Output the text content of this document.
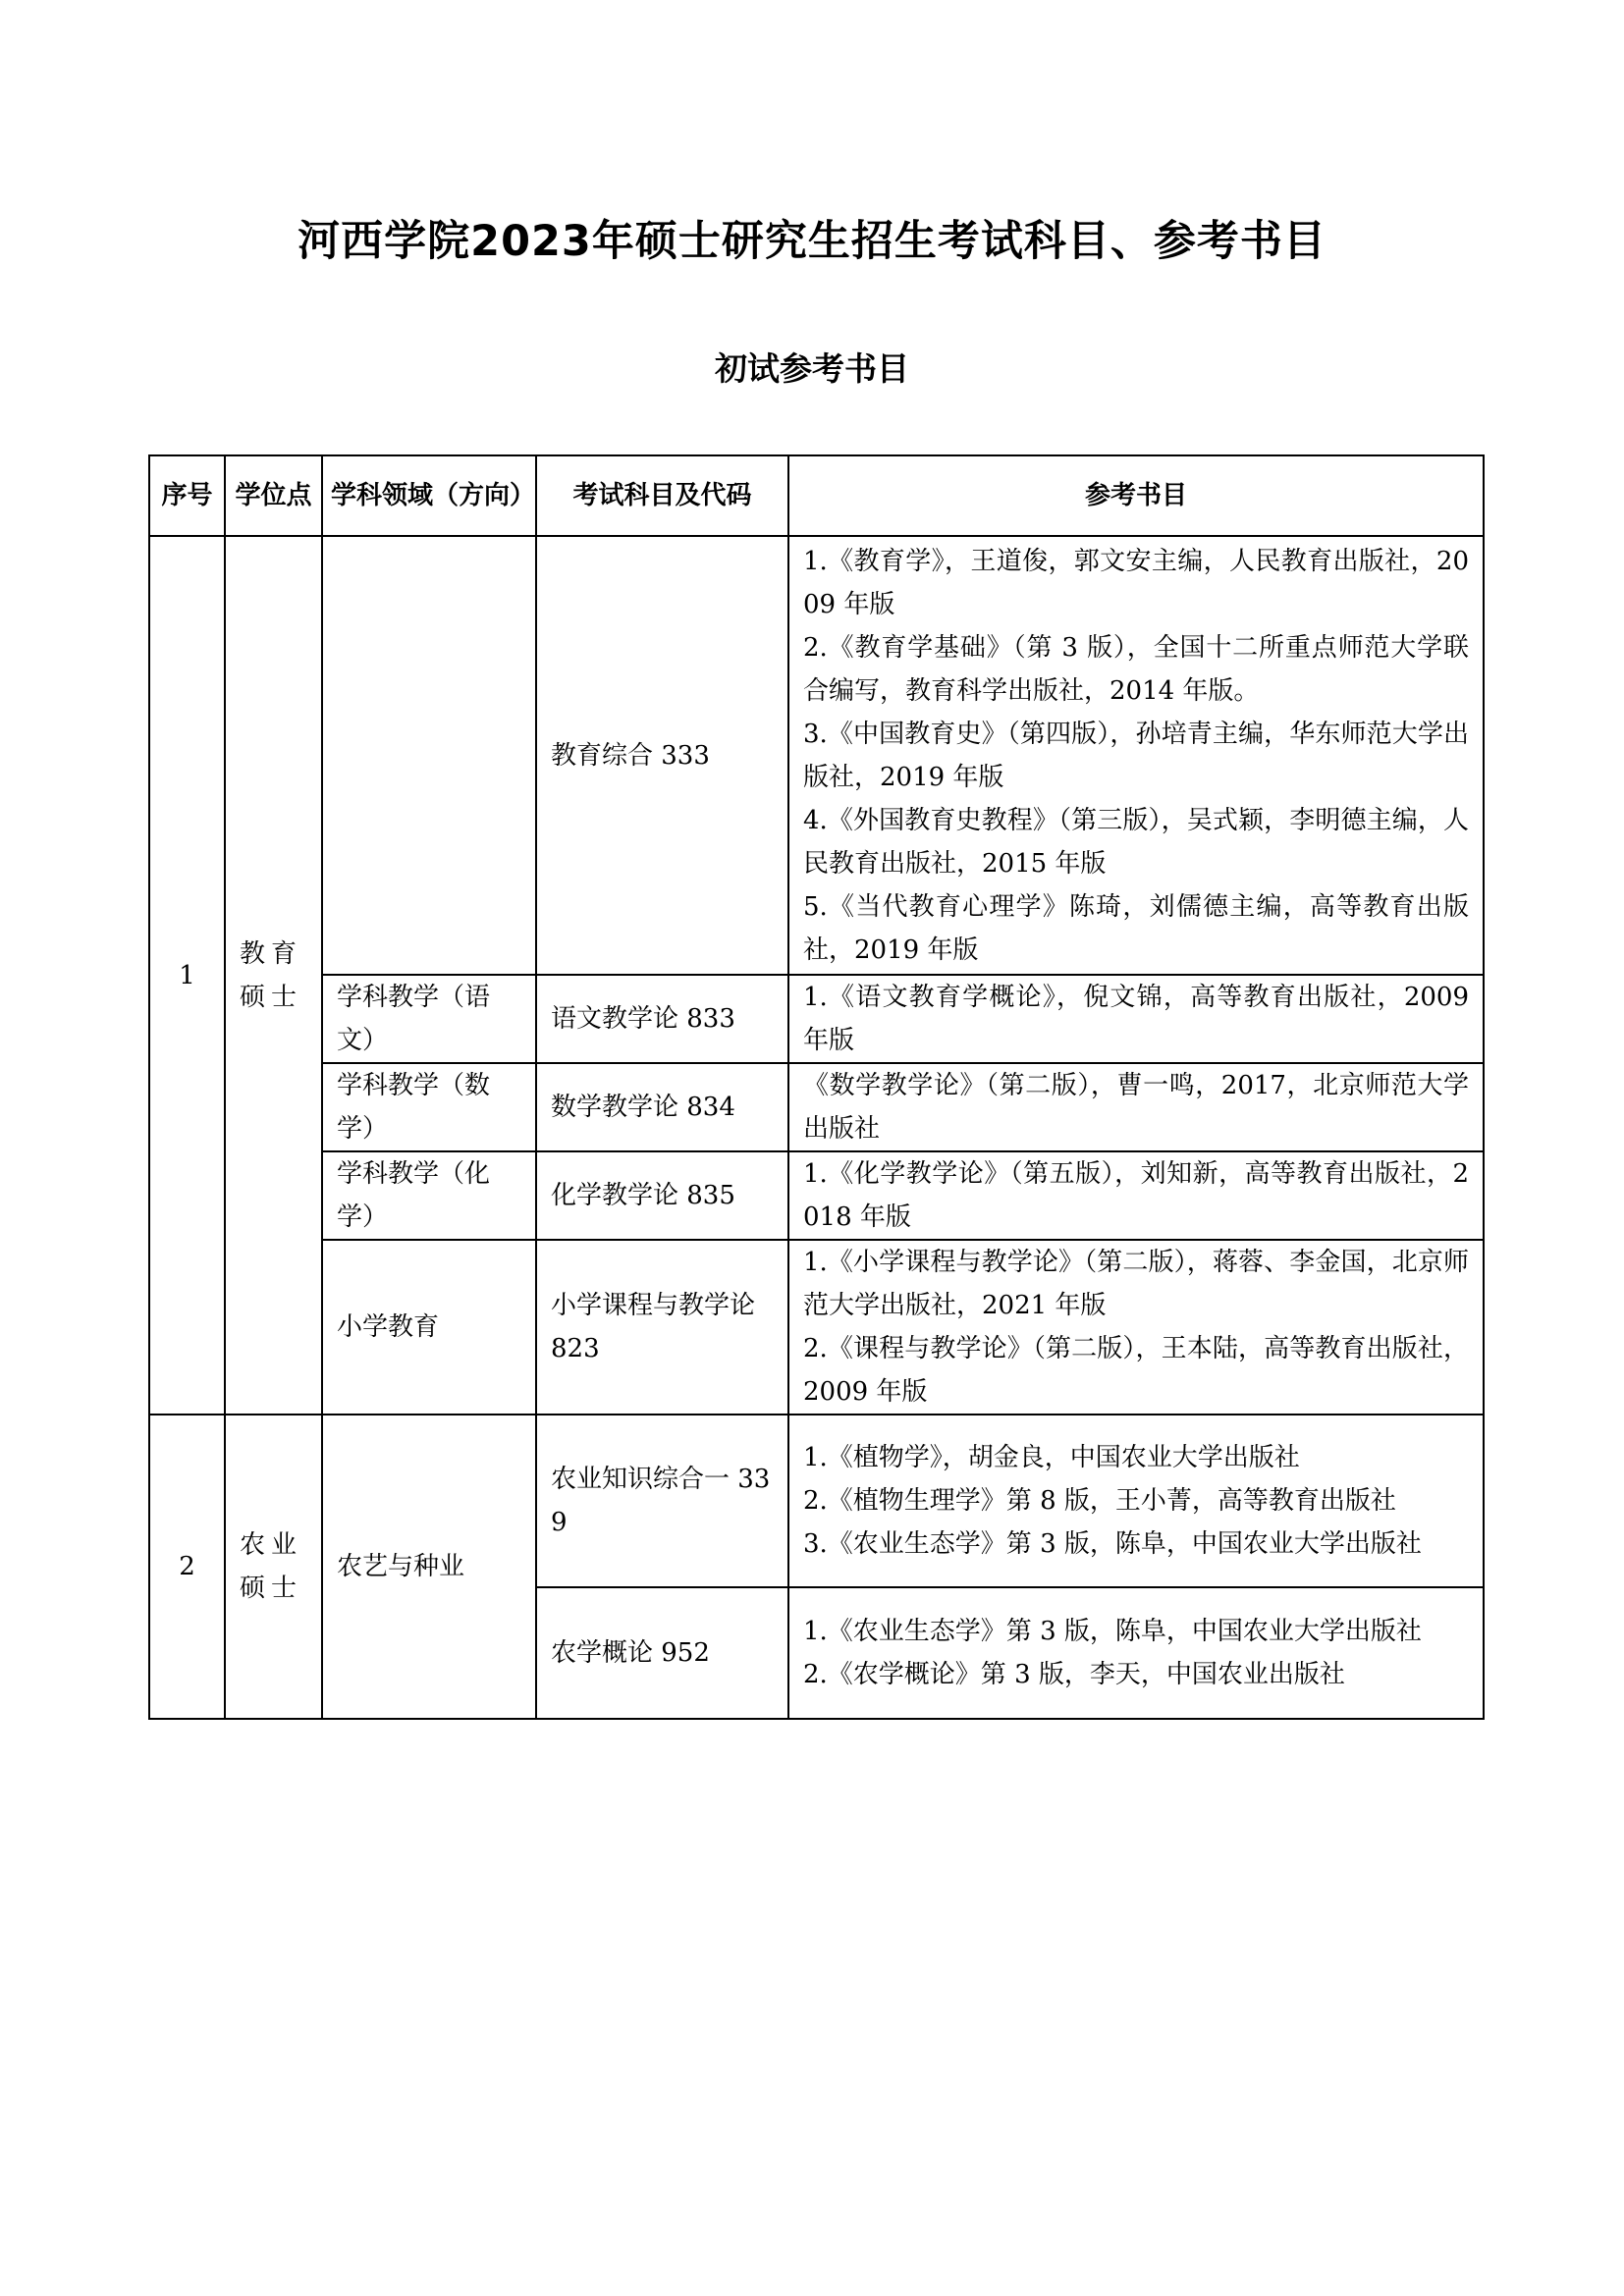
河西学院2023年硕士研究生招生考试科目、参考书目
初试参考书目
序号	学位点	学科领域（方向）	考试科目及代码	参考书目
1	教育硕士		教育综合 333	1.《教育学》，王道俊，郭文安主编，人民教育出版社，2009 年版
2.《教育学基础》（第 3 版），全国十二所重点师范大学联合编写，教育科学出版社，2014 年版。
3.《中国教育史》（第四版），孙培青主编，华东师范大学出版社，2019 年版
4.《外国教育史教程》（第三版），吴式颖，李明德主编，人民教育出版社，2015 年版
5.《当代教育心理学》陈琦，刘儒德主编，高等教育出版社，2019 年版

		学科教学（语文）	语文教学论 833	1.《语文教育学概论》，倪文锦，高等教育出版社，2009 年版

		学科教学（数学）	数学教学论 834	《数学教学论》（第二版），曹一鸣，2017，北京师范大学出版社

		学科教学（化学）	化学教学论 835	1.《化学教学论》（第五版），刘知新，高等教育出版社，2018 年版

		小学教育	小学课程与教学论 823	1.《小学课程与教学论》（第二版），蒋蓉、李金国，北京师范大学出版社，2021 年版
2.《课程与教学论》（第二版），王本陆，高等教育出版社，2009 年版

2	农业硕士	农艺与种业	农业知识综合一 339	1.《植物学》，胡金良，中国农业大学出版社
2.《植物生理学》第 8 版，王小菁，高等教育出版社
3.《农业生态学》第 3 版，陈阜，中国农业大学出版社

			农学概论 952	1.《农业生态学》第 3 版，陈阜，中国农业大学出版社
2.《农学概论》第 3 版，李天，中国农业出版社
